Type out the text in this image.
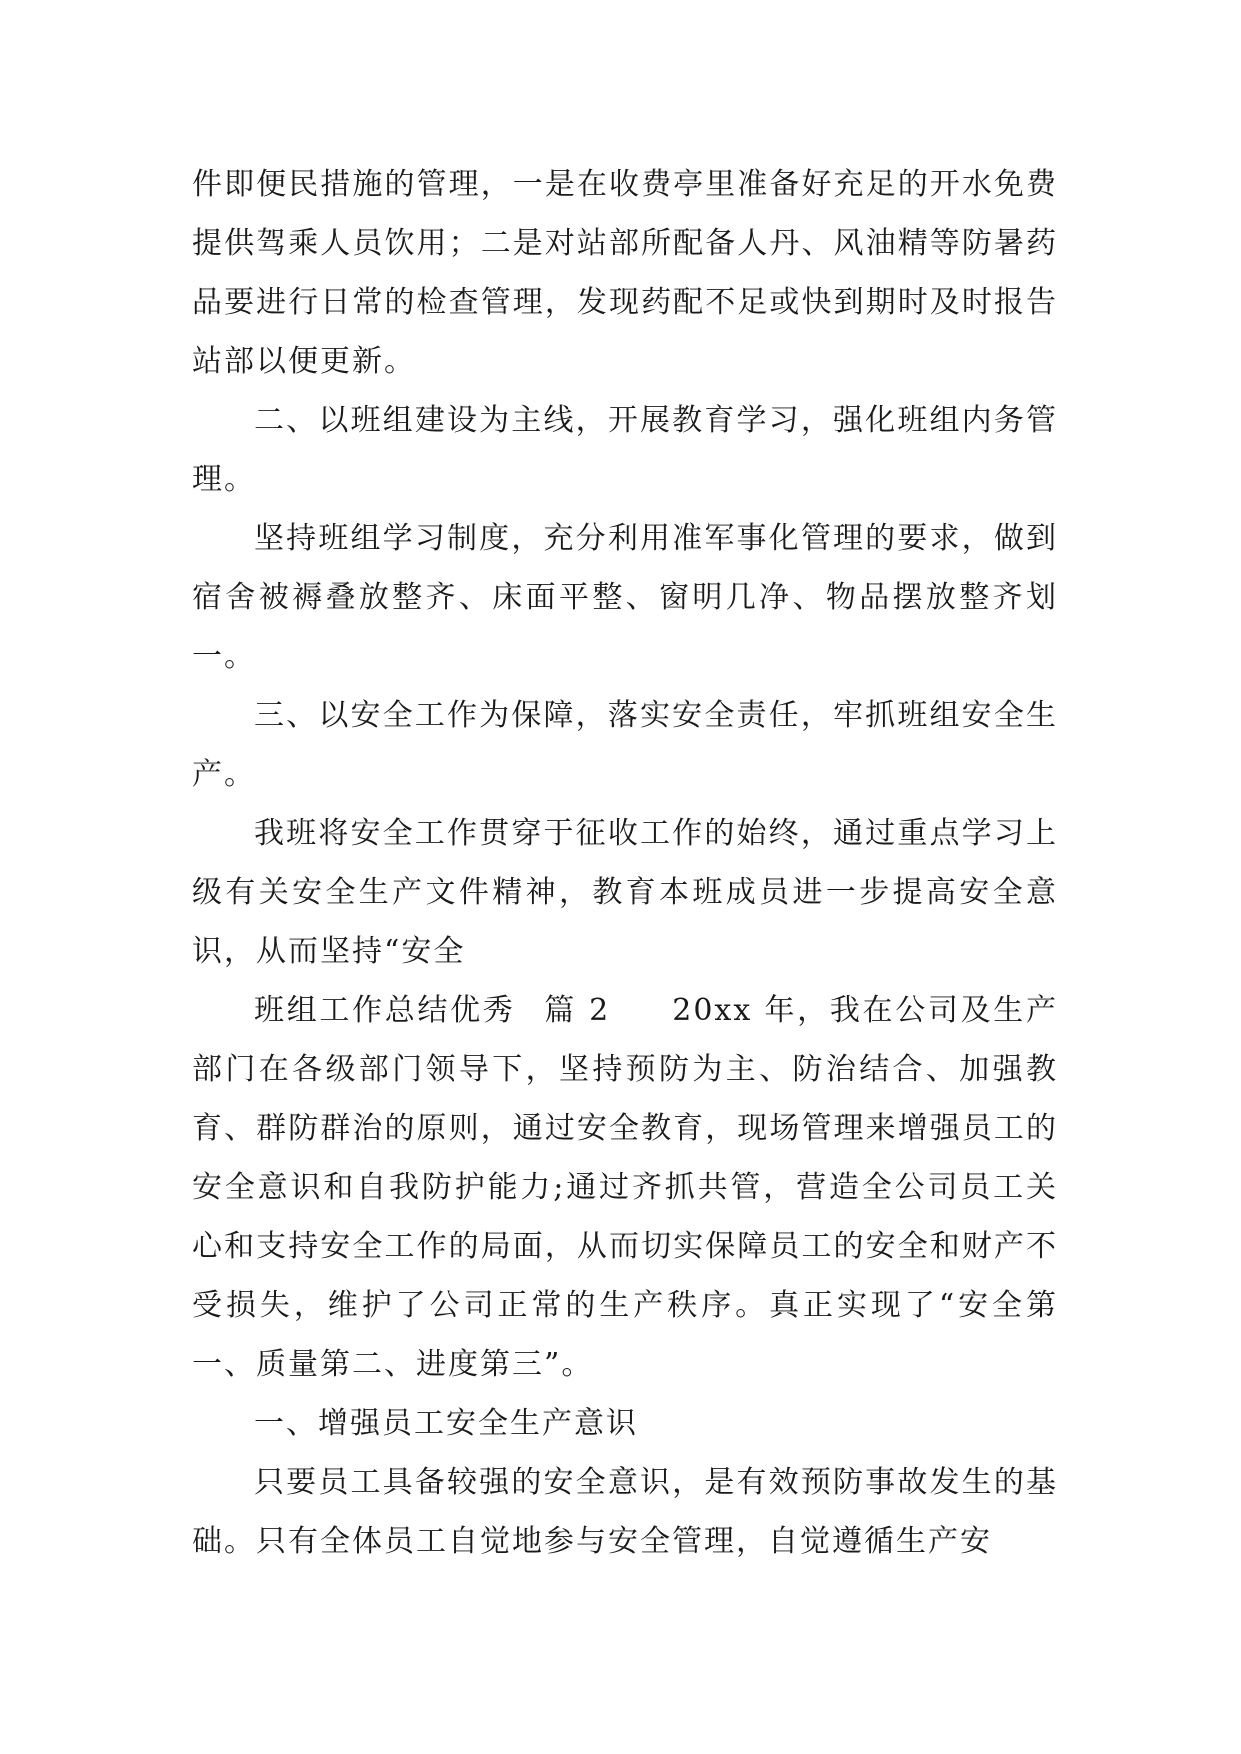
件即便民措施的管理，一是在收费亭里准备好充足的开水免费提供驾乘人员饮用；二是对站部所配备人丹、风油精等防暑药品要进行日常的检查管理，发现药配不足或快到期时及时报告站部以便更新。

二、以班组建设为主线，开展教育学习，强化班组内务管理。

坚持班组学习制度，充分利用准军事化管理的要求，做到宿舍被褥叠放整齐、床面平整、窗明几净、物品摆放整齐划一。

三、以安全工作为保障，落实安全责任，牢抓班组安全生产。

我班将安全工作贯穿于征收工作的始终，通过重点学习上级有关安全生产文件精神，教育本班成员进一步提高安全意识，从而坚持“安全

班组工作总结优秀 篇 2 20xx 年，我在公司及生产部门在各级部门领导下，坚持预防为主、防治结合、加强教育、群防群治的原则，通过安全教育，现场管理来增强员工的安全意识和自我防护能力;通过齐抓共管，营造全公司员工关心和支持安全工作的局面，从而切实保障员工的安全和财产不受损失，维护了公司正常的生产秩序。真正实现了“安全第一、质量第二、进度第三”。

一、增强员工安全生产意识

只要员工具备较强的安全意识，是有效预防事故发生的基础。只有全体员工自觉地参与安全管理，自觉遵循生产安
